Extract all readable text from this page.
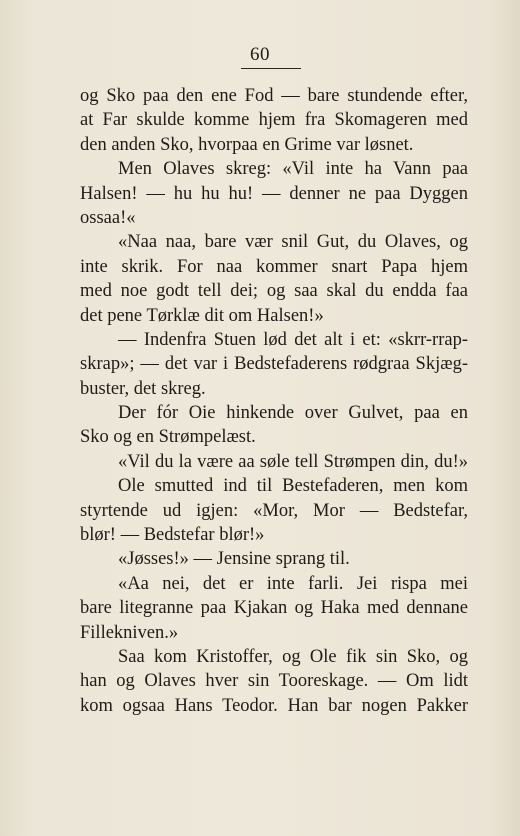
60
og Sko paa den ene Fod — bare stundende efter,
at Far skulde komme hjem fra Skomageren med
den anden Sko, hvorpaa en Grime var løsnet.
Men Olaves skreg: «Vil inte ha Vann paa
Halsen! — hu hu hu! — denner ne paa Dyggen
ossaa!«
«Naa naa, bare vær snil Gut, du Olaves, og
inte skrik. For naa kommer snart Papa hjem
med noe godt tell dei; og saa skal du endda faa
det pene Tørklæ dit om Halsen!»
— Indenfra Stuen lød det alt i et: «skrr-rrap-
skrap»; — det var i Bedstefaderens rødgraa Skjæg-
buster, det skreg.
Der fór Oie hinkende over Gulvet, paa en
Sko og en Strømpelæst.
«Vil du la være aa søle tell Strømpen din, du!»
Ole smutted ind til Bestefaderen, men kom
styrtende ud igjen: «Mor, Mor — Bedstefar,
blør! — Bedstefar blør!»
«Jøsses!» — Jensine sprang til.
«Aa nei, det er inte farli. Jei rispa mei
bare litegranne paa Kjakan og Haka med dennane
Fillekniven.»
Saa kom Kristoffer, og Ole fik sin Sko, og
han og Olaves hver sin Tooreskage. — Om lidt
kom ogsaa Hans Teodor. Han bar nogen Pakker
